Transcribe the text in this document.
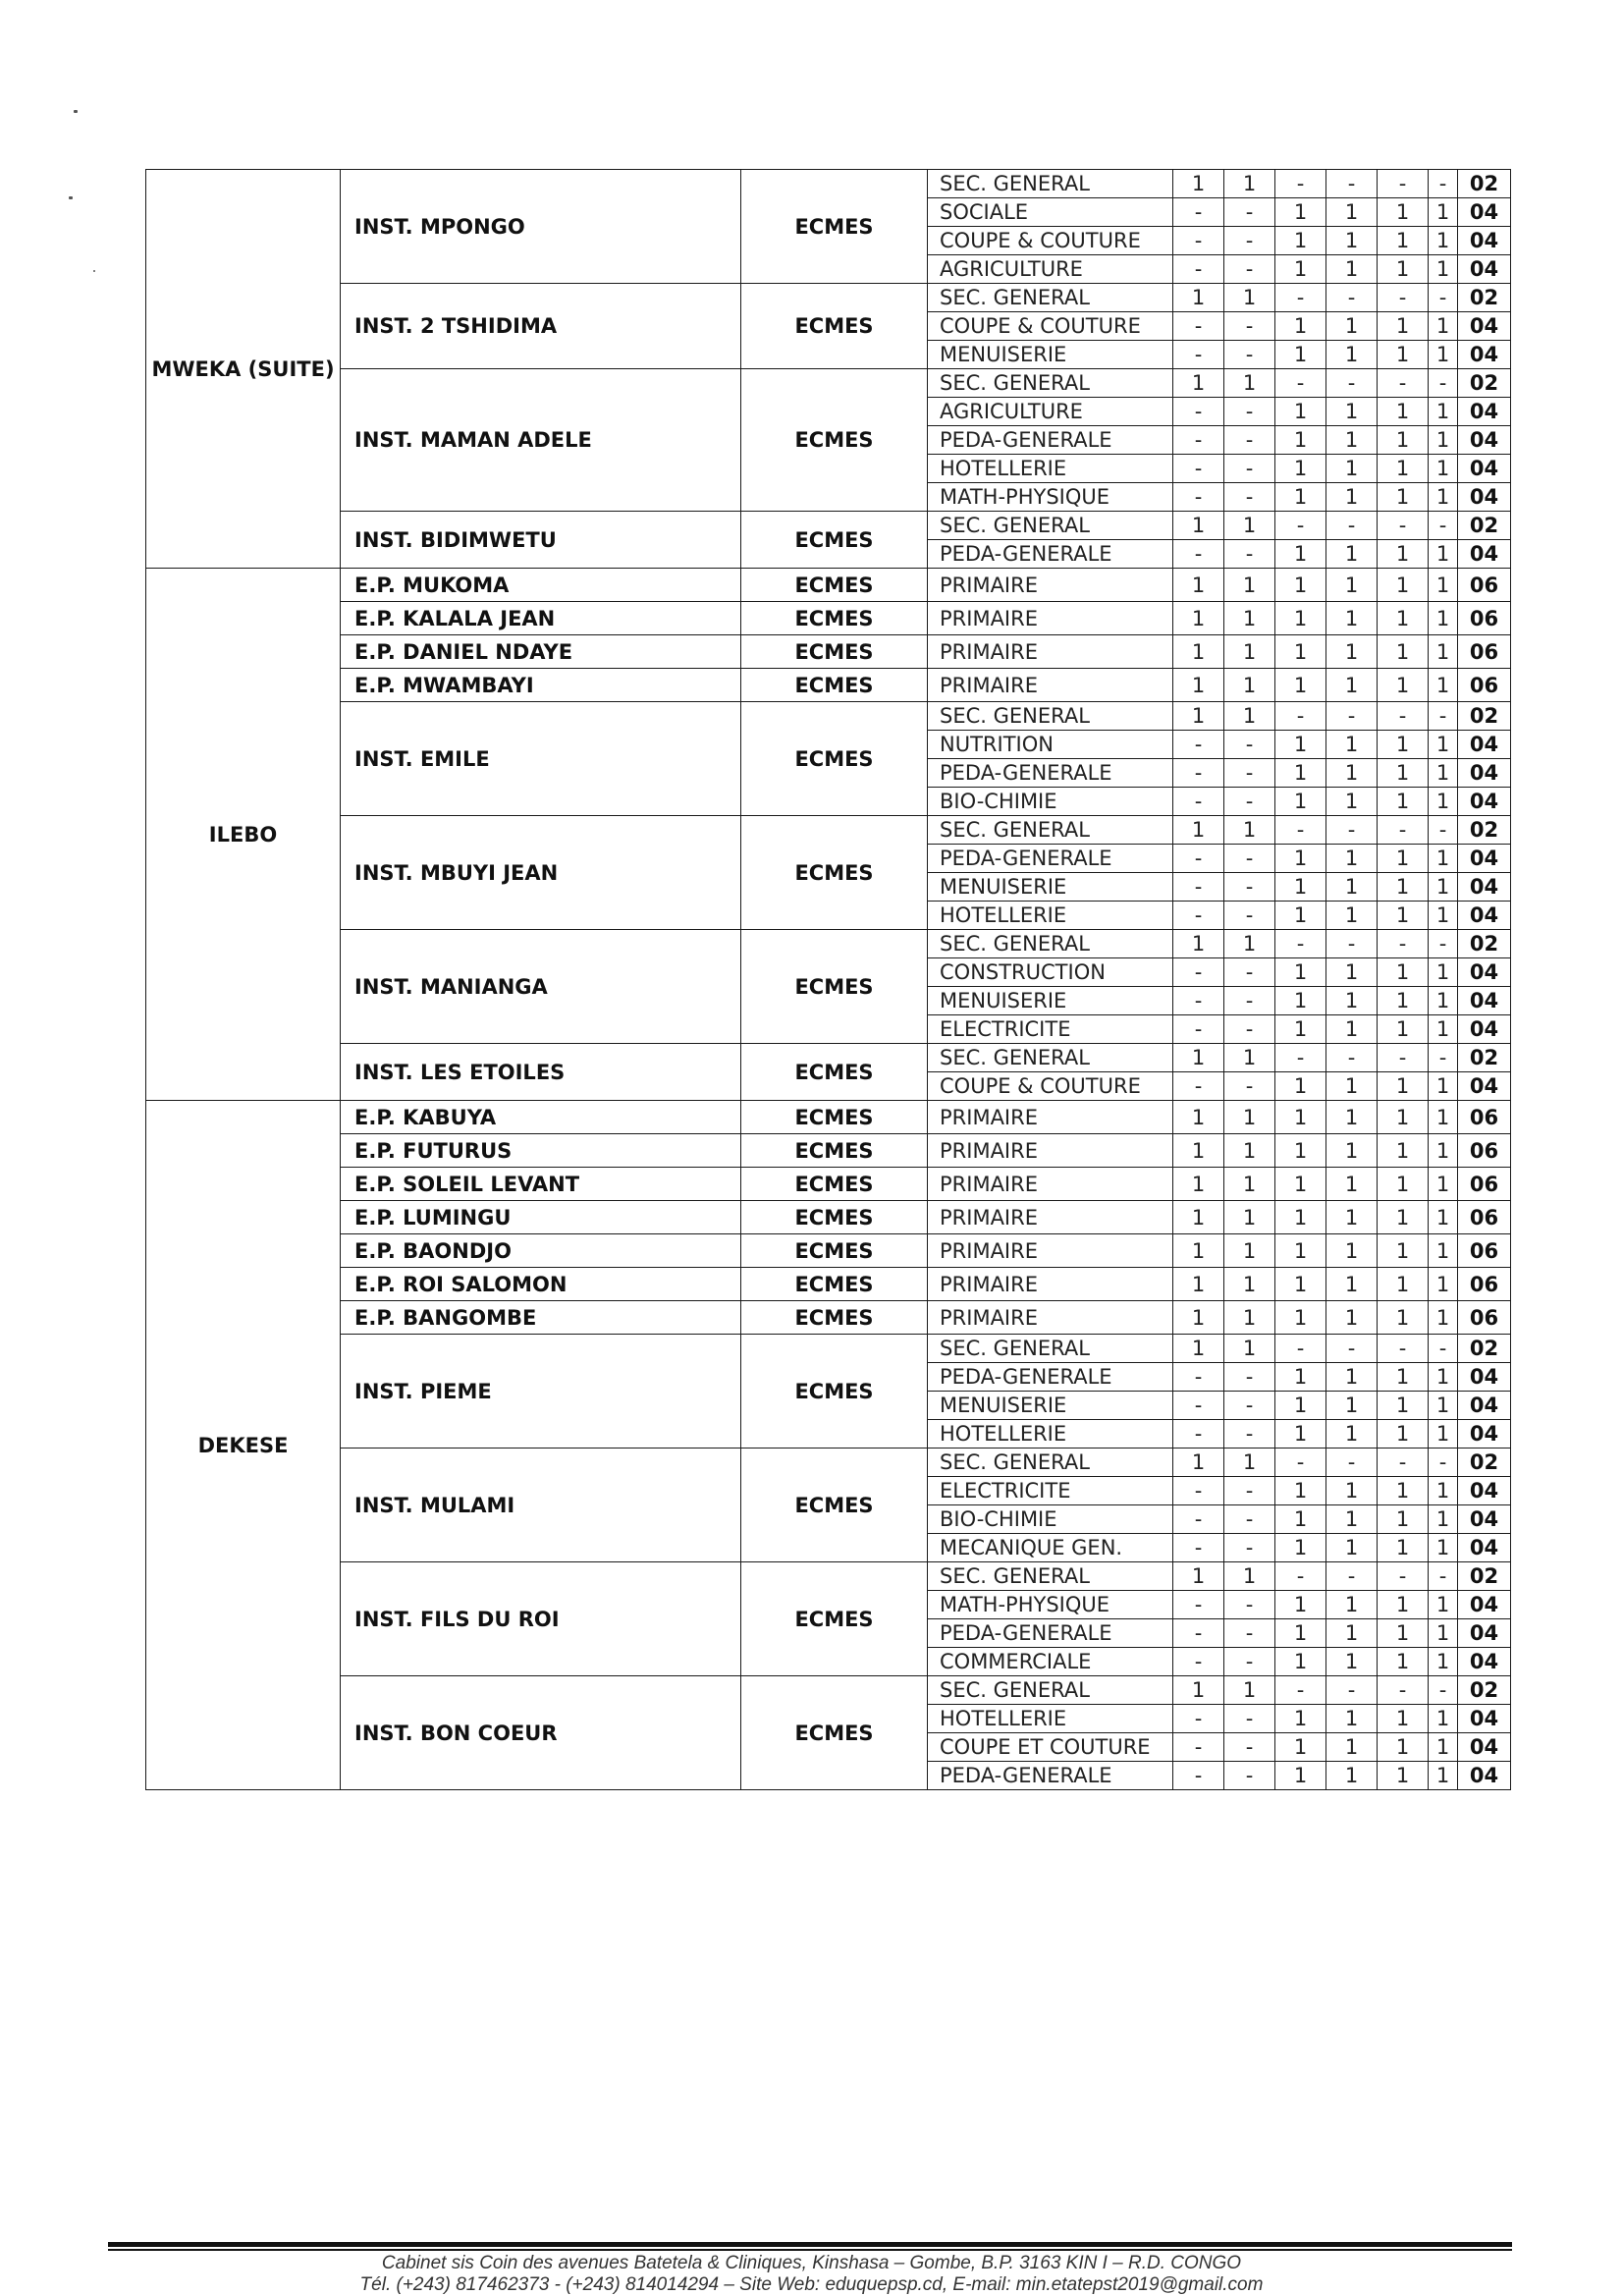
MWEKA (SUITE)	INST. MPONGO	ECMES	SEC. GENERAL	1	1	-	-	-	-	02
			SOCIALE	-	-	1	1	1	1	04
			COUPE & COUTURE	-	-	1	1	1	1	04
			AGRICULTURE	-	-	1	1	1	1	04
	INST. 2 TSHIDIMA	ECMES	SEC. GENERAL	1	1	-	-	-	-	02
			COUPE & COUTURE	-	-	1	1	1	1	04
			MENUISERIE	-	-	1	1	1	1	04
	INST. MAMAN ADELE	ECMES	SEC. GENERAL	1	1	-	-	-	-	02
			AGRICULTURE	-	-	1	1	1	1	04
			PEDA-GENERALE	-	-	1	1	1	1	04
			HOTELLERIE	-	-	1	1	1	1	04
			MATH-PHYSIQUE	-	-	1	1	1	1	04
	INST. BIDIMWETU	ECMES	SEC. GENERAL	1	1	-	-	-	-	02
			PEDA-GENERALE	-	-	1	1	1	1	04
ILEBO	E.P. MUKOMA	ECMES	PRIMAIRE	1	1	1	1	1	1	06
	E.P. KALALA JEAN	ECMES	PRIMAIRE	1	1	1	1	1	1	06
	E.P. DANIEL NDAYE	ECMES	PRIMAIRE	1	1	1	1	1	1	06
	E.P. MWAMBAYI	ECMES	PRIMAIRE	1	1	1	1	1	1	06
	INST. EMILE	ECMES	SEC. GENERAL	1	1	-	-	-	-	02
			NUTRITION	-	-	1	1	1	1	04
			PEDA-GENERALE	-	-	1	1	1	1	04
			BIO-CHIMIE	-	-	1	1	1	1	04
	INST. MBUYI JEAN	ECMES	SEC. GENERAL	1	1	-	-	-	-	02
			PEDA-GENERALE	-	-	1	1	1	1	04
			MENUISERIE	-	-	1	1	1	1	04
			HOTELLERIE	-	-	1	1	1	1	04
	INST. MANIANGA	ECMES	SEC. GENERAL	1	1	-	-	-	-	02
			CONSTRUCTION	-	-	1	1	1	1	04
			MENUISERIE	-	-	1	1	1	1	04
			ELECTRICITE	-	-	1	1	1	1	04
	INST. LES ETOILES	ECMES	SEC. GENERAL	1	1	-	-	-	-	02
			COUPE & COUTURE	-	-	1	1	1	1	04
DEKESE	E.P. KABUYA	ECMES	PRIMAIRE	1	1	1	1	1	1	06
	E.P. FUTURUS	ECMES	PRIMAIRE	1	1	1	1	1	1	06
	E.P. SOLEIL LEVANT	ECMES	PRIMAIRE	1	1	1	1	1	1	06
	E.P. LUMINGU	ECMES	PRIMAIRE	1	1	1	1	1	1	06
	E.P. BAONDJO	ECMES	PRIMAIRE	1	1	1	1	1	1	06
	E.P. ROI SALOMON	ECMES	PRIMAIRE	1	1	1	1	1	1	06
	E.P. BANGOMBE	ECMES	PRIMAIRE	1	1	1	1	1	1	06
	INST. PIEME	ECMES	SEC. GENERAL	1	1	-	-	-	-	02
			PEDA-GENERALE	-	-	1	1	1	1	04
			MENUISERIE	-	-	1	1	1	1	04
			HOTELLERIE	-	-	1	1	1	1	04
	INST. MULAMI	ECMES	SEC. GENERAL	1	1	-	-	-	-	02
			ELECTRICITE	-	-	1	1	1	1	04
			BIO-CHIMIE	-	-	1	1	1	1	04
			MECANIQUE GEN.	-	-	1	1	1	1	04
	INST. FILS DU ROI	ECMES	SEC. GENERAL	1	1	-	-	-	-	02
			MATH-PHYSIQUE	-	-	1	1	1	1	04
			PEDA-GENERALE	-	-	1	1	1	1	04
			COMMERCIALE	-	-	1	1	1	1	04
	INST. BON COEUR	ECMES	SEC. GENERAL	1	1	-	-	-	-	02
			HOTELLERIE	-	-	1	1	1	1	04
			COUPE ET COUTURE	-	-	1	1	1	1	04
			PEDA-GENERALE	-	-	1	1	1	1	04
Cabinet sis Coin des avenues Batetela & Cliniques, Kinshasa – Gombe, B.P. 3163 KIN I – R.D. CONGO
Tél. (+243) 817462373 - (+243) 814014294 – Site Web: eduquepsp.cd, E-mail: min.etatepst2019@gmail.com
